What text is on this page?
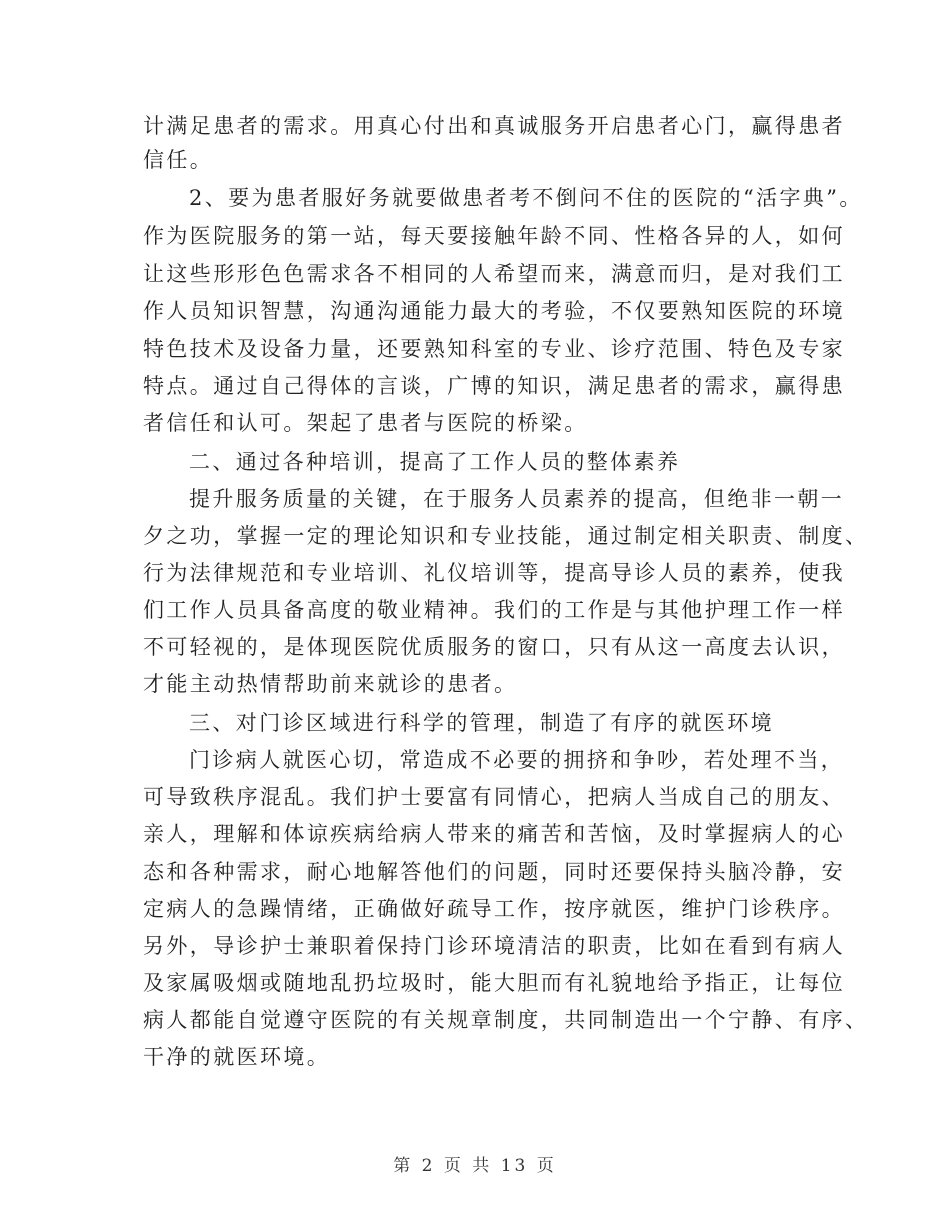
计满足患者的需求。用真心付出和真诚服务开启患者心门，赢得患者
信任。
2、要为患者服好务就要做患者考不倒问不住的医院的“活字典”。
作为医院服务的第一站，每天要接触年龄不同、性格各异的人，如何
让这些形形色色需求各不相同的人希望而来，满意而归，是对我们工
作人员知识智慧，沟通沟通能力最大的考验，不仅要熟知医院的环境
特色技术及设备力量，还要熟知科室的专业、诊疗范围、特色及专家
特点。通过自己得体的言谈，广博的知识，满足患者的需求，赢得患
者信任和认可。架起了患者与医院的桥梁。
二、通过各种培训，提高了工作人员的整体素养
提升服务质量的关键，在于服务人员素养的提高，但绝非一朝一
夕之功，掌握一定的理论知识和专业技能，通过制定相关职责、制度、
行为法律规范和专业培训、礼仪培训等，提高导诊人员的素养，使我
们工作人员具备高度的敬业精神。我们的工作是与其他护理工作一样
不可轻视的，是体现医院优质服务的窗口，只有从这一高度去认识，
才能主动热情帮助前来就诊的患者。
三、对门诊区域进行科学的管理，制造了有序的就医环境
门诊病人就医心切，常造成不必要的拥挤和争吵，若处理不当，
可导致秩序混乱。我们护士要富有同情心，把病人当成自己的朋友、
亲人，理解和体谅疾病给病人带来的痛苦和苦恼，及时掌握病人的心
态和各种需求，耐心地解答他们的问题，同时还要保持头脑冷静，安
定病人的急躁情绪，正确做好疏导工作，按序就医，维护门诊秩序。
另外，导诊护士兼职着保持门诊环境清洁的职责，比如在看到有病人
及家属吸烟或随地乱扔垃圾时，能大胆而有礼貌地给予指正，让每位
病人都能自觉遵守医院的有关规章制度，共同制造出一个宁静、有序、
干净的就医环境。
第 2 页 共 13 页
